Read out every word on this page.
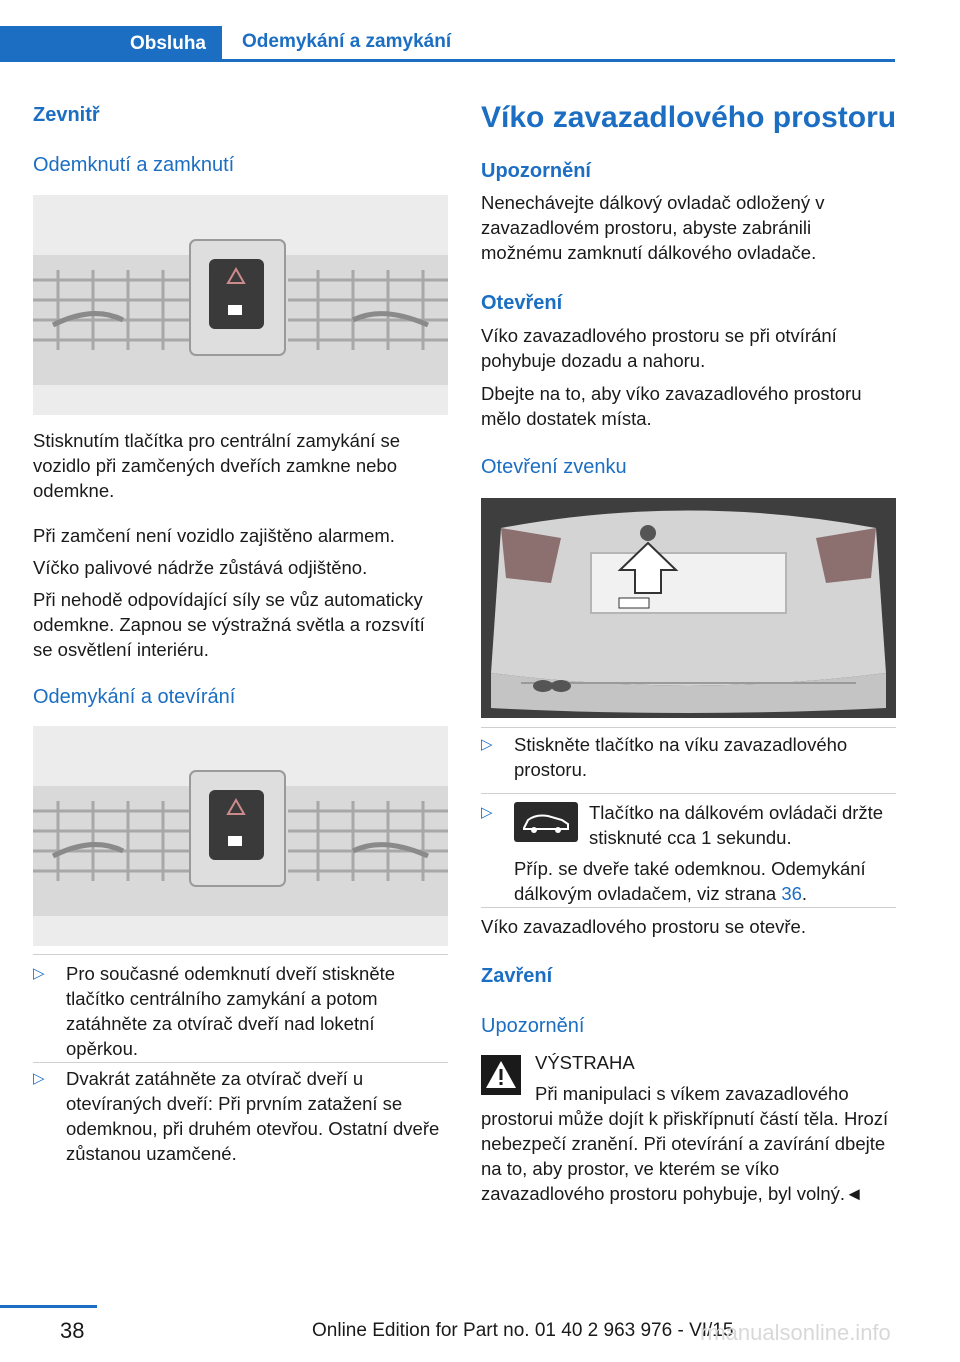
Obsluha	Odemykání a zamykání
Zevnitř
Odemknutí a zamknutí
Stisknutím tlačítka pro centrální zamykání se vozidlo při zamčených dveřích zamkne nebo odemkne.
Při zamčení není vozidlo zajištěno alarmem.
Víčko palivové nádrže zůstává odjištěno.
Při nehodě odpovídající síly se vůz automaticky odemkne. Zapnou se výstražná světla a rozsvítí se osvětlení interiéru.
Odemykání a otevírání
▷ Pro současné odemknutí dveří stiskněte tlačítko centrálního zamykání a potom zatáhněte za otvírač dveří nad loketní opěrkou.
▷ Dvakrát zatáhněte za otvírač dveří u otevíraných dveří: Při prvním zatažení se odemknou, při druhém otevřou. Ostatní dveře zůstanou uzamčené.
Víko zavazadlového prostoru
Upozornění
Nenechávejte dálkový ovladač odložený v zavazadlovém prostoru, abyste zabránili možnému zamknutí dálkového ovladače.
Otevření
Víko zavazadlového prostoru se při otvírání pohybuje dozadu a nahoru.
Dbejte na to, aby víko zavazadlového prostoru mělo dostatek místa.
Otevření zvenku
▷ Stiskněte tlačítko na víku zavazadlového prostoru.
▷	Tlačítko na dálkovém ovládači držte stisknuté cca 1 sekundu.
Příp. se dveře také odemknou. Odemykání dálkovým ovladačem, viz strana 36.
Víko zavazadlového prostoru se otevře.
Zavření
Upozornění
VÝSTRAHA
Při manipulaci s víkem zavazadlového
prostorui může dojít k přiskřípnutí částí těla. Hrozí nebezpečí zranění. Při otevírání a zavírání dbejte na to, aby prostor, ve kterém se víko zavazadlového prostoru pohybuje, byl volný.◄
38	Online Edition for Part no. 01 40 2 963 976 - VI/15
rmanualsonline.info
